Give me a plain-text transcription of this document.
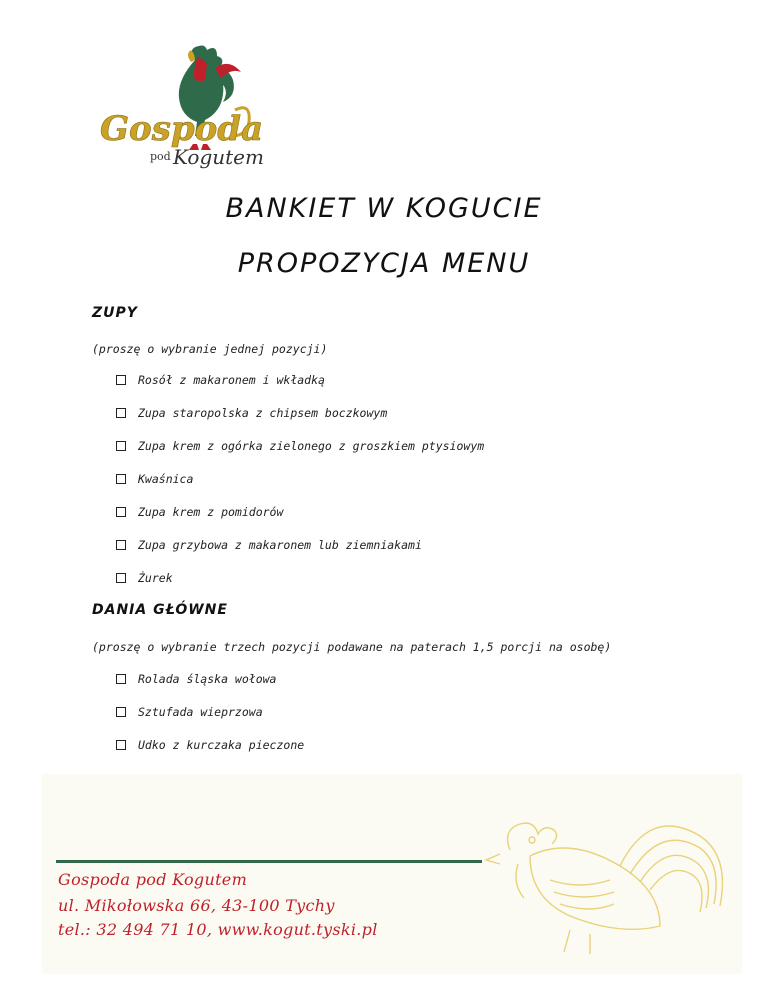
Gospoda
pod Kogutem
BANKIET W KOGUCIE
PROPOZYCJA MENU
ZUPY
(proszę o wybranie jednej pozycji)
Rosół z makaronem i wkładką
Zupa staropolska z chipsem boczkowym
Zupa krem z ogórka zielonego z groszkiem ptysiowym
Kwaśnica
Zupa krem z pomidorów
Zupa grzybowa z makaronem lub ziemniakami
Żurek
DANIA GŁÓWNE
(proszę o wybranie trzech pozycji podawane na paterach 1,5 porcji na osobę)
Rolada śląska wołowa
Sztufada wieprzowa
Udko z kurczaka pieczone
Gospoda pod Kogutem
ul. Mikołowska 66, 43-100 Tychy
tel.: 32 494 71 10, www.kogut.tyski.pl
